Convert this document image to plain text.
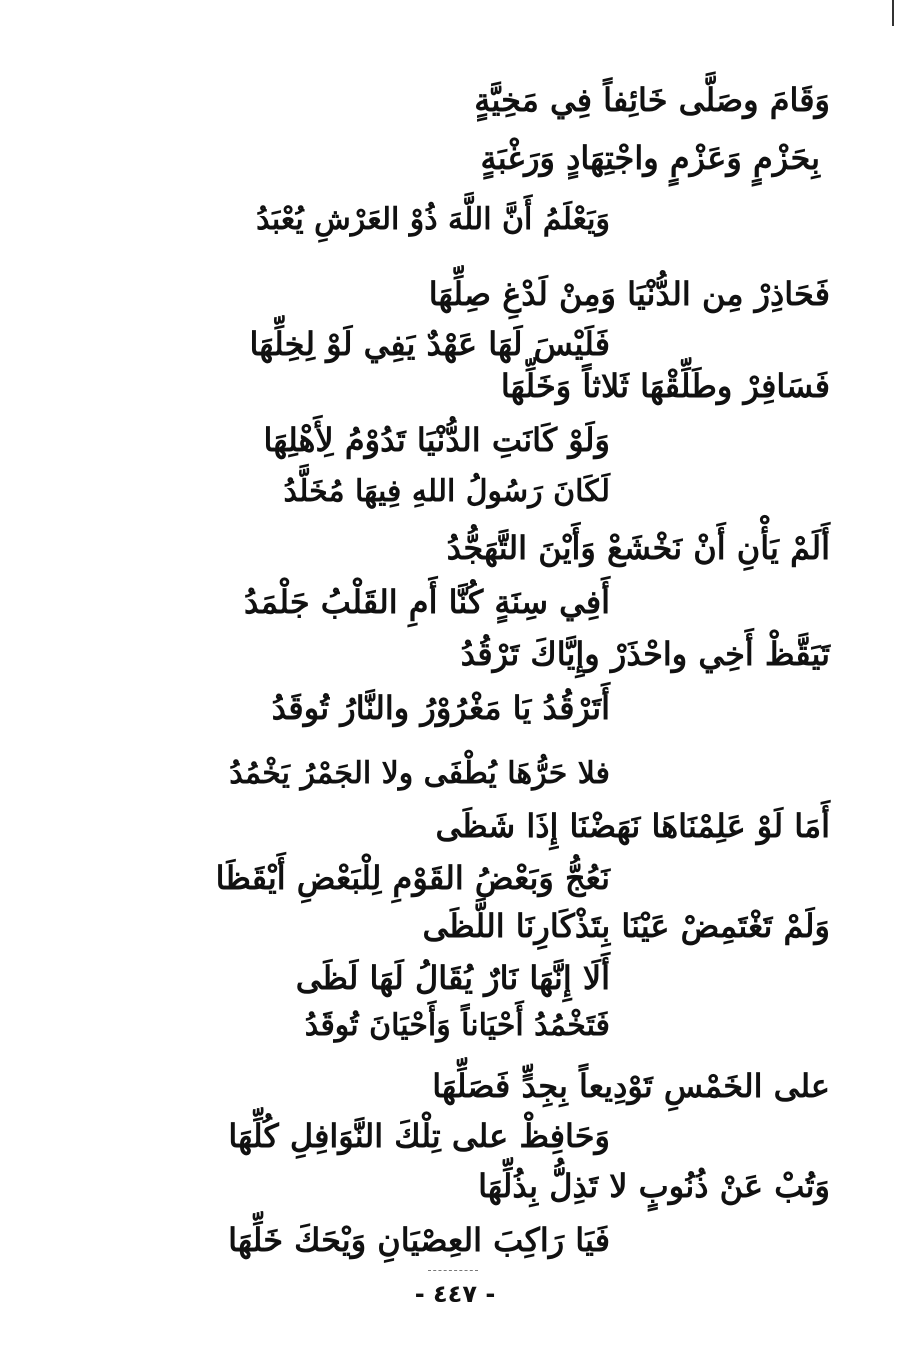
وَقَامَ وصَلَّى خَائِفاً فِي مَخِيَّةٍ
بِحَزْمٍ وَعَزْمٍ واجْتِهَادٍ وَرَغْبَةٍ
وَيَعْلَمُ أَنَّ اللَّهَ ذُوْ العَرْشِ يُعْبَدُ
فَحَاذِرْ مِن الدُّنْيَا وَمِنْ لَدْغِ صِلِّهَا
فَلَيْسَ لَهَا عَهْدٌ يَفِي لَوْ لِخِلِّهَا
فَسَافِرْ وطَلِّقْهَا ثَلاثاً وَخَلِّهَا
وَلَوْ كَانَتِ الدُّنْيَا تَدُوْمُ لِأَهْلِهَا
لَكَانَ رَسُولُ اللهِ فِيهَا مُخَلَّدُ
أَلَمْ يَأْنِ أَنْ نَخْشَعْ وَأَيْنَ التَّهَجُّدُ
أَفِي سِنَةٍ كُنَّا أَمِ القَلْبُ جَلْمَدُ
تَيَقَّظْ أَخِي واحْذَرْ وإِيَّاكَ تَرْقُدُ
أَتَرْقُدُ يَا مَغْرُوْرُ والنَّارُ تُوقَدُ
فلا حَرُّهَا يُطْفَى ولا الجَمْرُ يَخْمُدُ
أَمَا لَوْ عَلِمْنَاهَا نَهَضْنَا إِذَا شَظَى
نَعُجُّ وَبَعْضُ القَوْمِ لِلْبَعْضِ أَيْقَظَا
وَلَمْ تَغْتَمِضْ عَيْنَا بِتَذْكَارِنَا اللَّظَى
أَلَا إِنَّهَا نَارٌ يُقَالُ لَهَا لَظَى
فَتَخْمُدُ أَحْيَاناً وَأَحْيَانَ تُوقَدُ
على الخَمْسِ تَوْدِيعاً بِجِدٍّ فَصَلِّهَا
وَحَافِظْ على تِلْكَ النَّوَافِلِ كُلِّهَا
وَتُبْ عَنْ ذُنُوبٍ لا تَذِلُّ بِذُلِّهَا
فَيَا رَاكِبَ العِصْيَانِ وَيْحَكَ خَلِّهَا
- ٤٤٧ -
